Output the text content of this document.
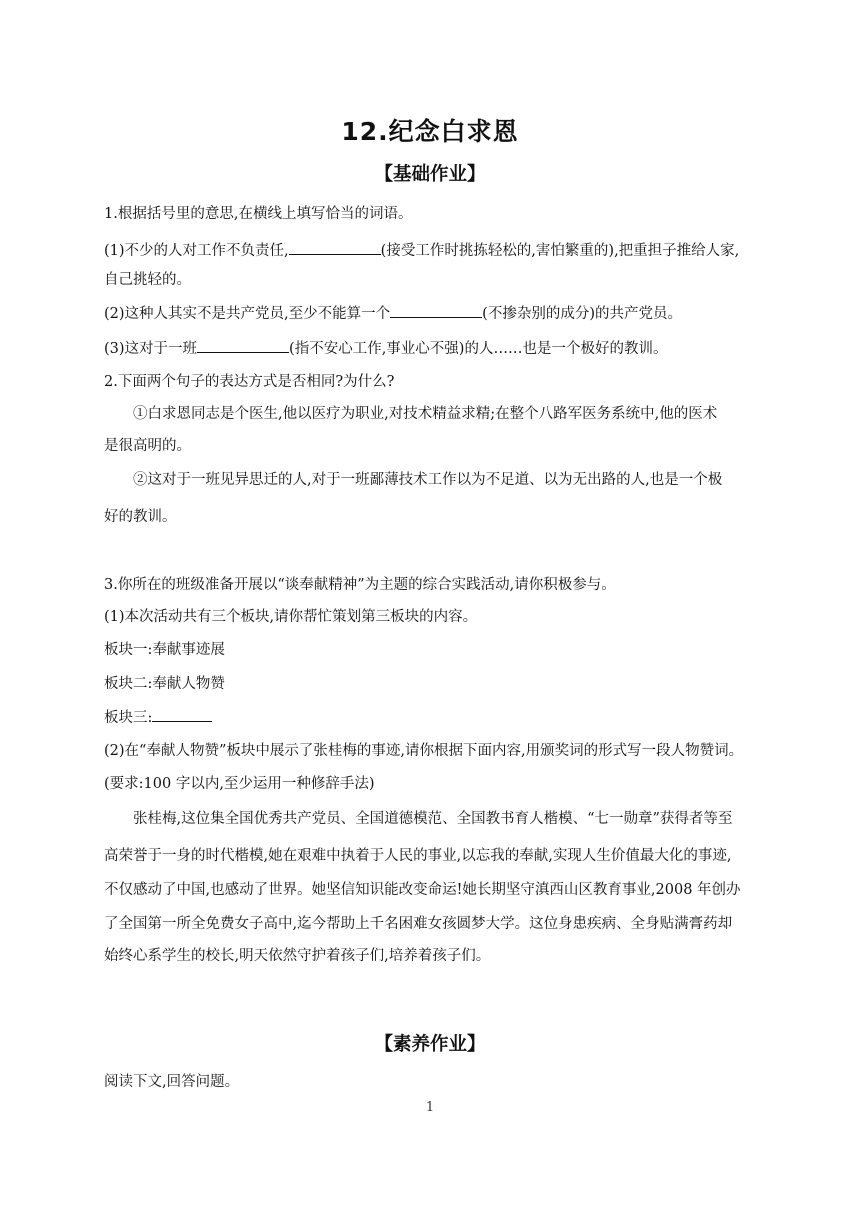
12.纪念白求恩
【基础作业】
1.根据括号里的意思,在横线上填写恰当的词语。
(1)不少的人对工作不负责任,	(接受工作时挑拣轻松的,害怕繁重的),把重担子推给人家,
自己挑轻的。
(2)这种人其实不是共产党员,至少不能算一个	(不掺杂别的成分)的共产党员。
(3)这对于一班	(指不安心工作,事业心不强)的人……也是一个极好的教训。
2.下面两个句子的表达方式是否相同?为什么?
①白求恩同志是个医生,他以医疗为职业,对技术精益求精;在整个八路军医务系统中,他的医术
是很高明的。
②这对于一班见异思迁的人,对于一班鄙薄技术工作以为不足道、以为无出路的人,也是一个极
好的教训。
3.你所在的班级准备开展以“谈奉献精神”为主题的综合实践活动,请你积极参与。
(1)本次活动共有三个板块,请你帮忙策划第三板块的内容。
板块一:奉献事迹展
板块二:奉献人物赞
板块三:
(2)在“奉献人物赞”板块中展示了张桂梅的事迹,请你根据下面内容,用颁奖词的形式写一段人物赞词。
(要求:100 字以内,至少运用一种修辞手法)
张桂梅,这位集全国优秀共产党员、全国道德模范、全国教书育人楷模、“七一勋章”获得者等至
高荣誉于一身的时代楷模,她在艰难中执着于人民的事业,以忘我的奉献,实现人生价值最大化的事迹,
不仅感动了中国,也感动了世界。她坚信知识能改变命运!她长期坚守滇西山区教育事业,2008 年创办
了全国第一所全免费女子高中,迄今帮助上千名困难女孩圆梦大学。这位身患疾病、全身贴满膏药却
始终心系学生的校长,明天依然守护着孩子们,培养着孩子们。
【素养作业】
阅读下文,回答问题。
1
